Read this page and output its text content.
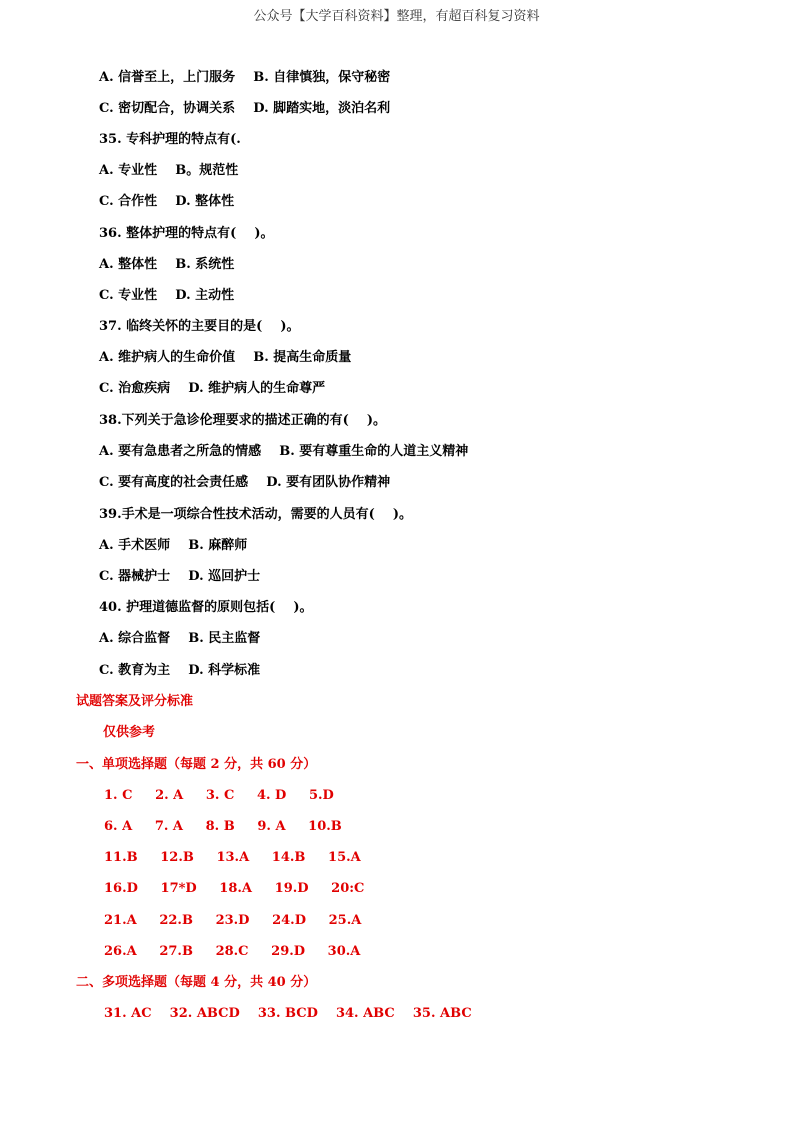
公众号【大学百科资料】整理，有超百科复习资料
A. 信誉至上，上门服务    B. 自律慎独，保守秘密
C. 密切配合，协调关系    D. 脚踏实地，淡泊名利
35. 专科护理的特点有(.
A. 专业性    B。规范性
C. 合作性    D. 整体性
36. 整体护理的特点有(    )。
A. 整体性    B. 系统性
C. 专业性    D. 主动性
37. 临终关怀的主要目的是(    )。
A. 维护病人的生命价值    B. 提高生命质量
C. 治愈疾病    D. 维护病人的生命尊严
38.下列关于急诊伦理要求的描述正确的有(    )。
A. 要有急患者之所急的情感    B. 要有尊重生命的人道主义精神
C. 要有高度的社会责任感    D. 要有团队协作精神
39.手术是一项综合性技术活动，需要的人员有(    )。
A. 手术医师    B. 麻醉师
C. 器械护士    D. 巡回护士
40. 护理道德监督的原则包括(    )。
A. 综合监督    B. 民主监督
C. 教育为主    D. 科学标准
试题答案及评分标准
仅供参考
一、单项选择题（每题 2 分，共 60 分）
1. C     2. A     3. C     4. D     5.D
6. A     7. A     8. B     9. A     10.B
11.B     12.B     13.A     14.B     15.A
16.D     17*D     18.A     19.D     20:C
21.A     22.B     23.D     24.D     25.A
26.A     27.B     28.C     29.D     30.A
二、多项选择题（每题 4 分，共 40 分）
31. AC    32. ABCD    33. BCD    34. ABC    35. ABC
